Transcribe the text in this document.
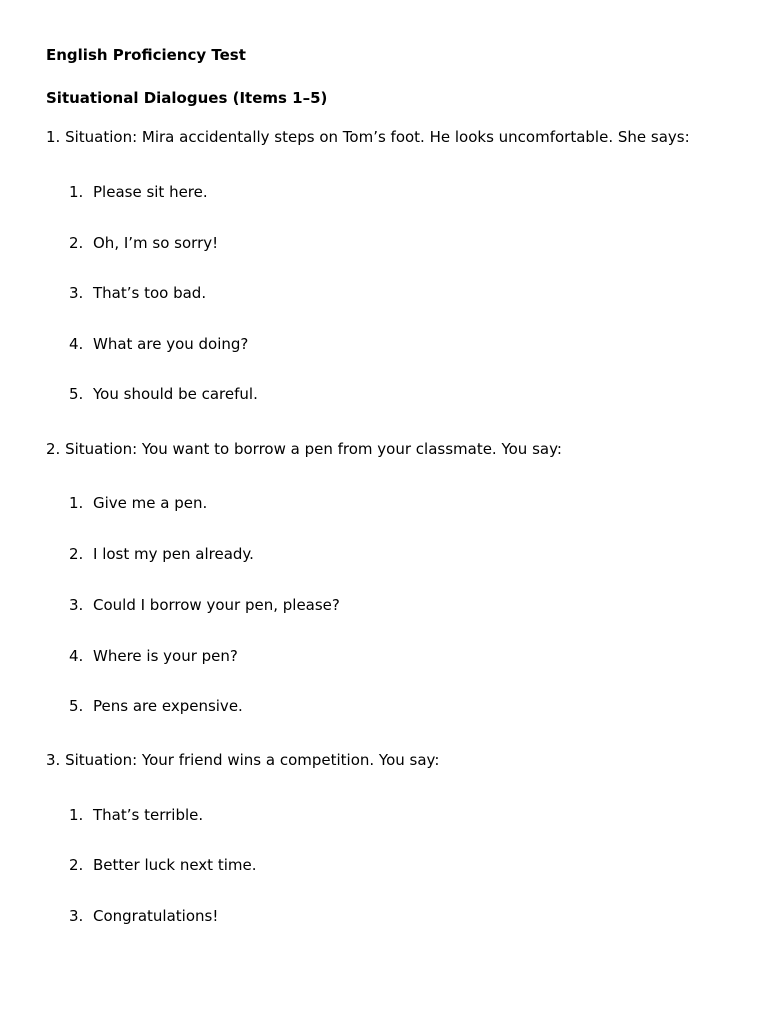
English Proficiency Test
Situational Dialogues (Items 1–5)
1. Situation: Mira accidentally steps on Tom’s foot. He looks uncomfortable. She says:
1. Please sit here.
2. Oh, I’m so sorry!
3. That’s too bad.
4. What are you doing?
5. You should be careful.
2. Situation: You want to borrow a pen from your classmate. You say:
1. Give me a pen.
2. I lost my pen already.
3. Could I borrow your pen, please?
4. Where is your pen?
5. Pens are expensive.
3. Situation: Your friend wins a competition. You say:
1. That’s terrible.
2. Better luck next time.
3. Congratulations!
